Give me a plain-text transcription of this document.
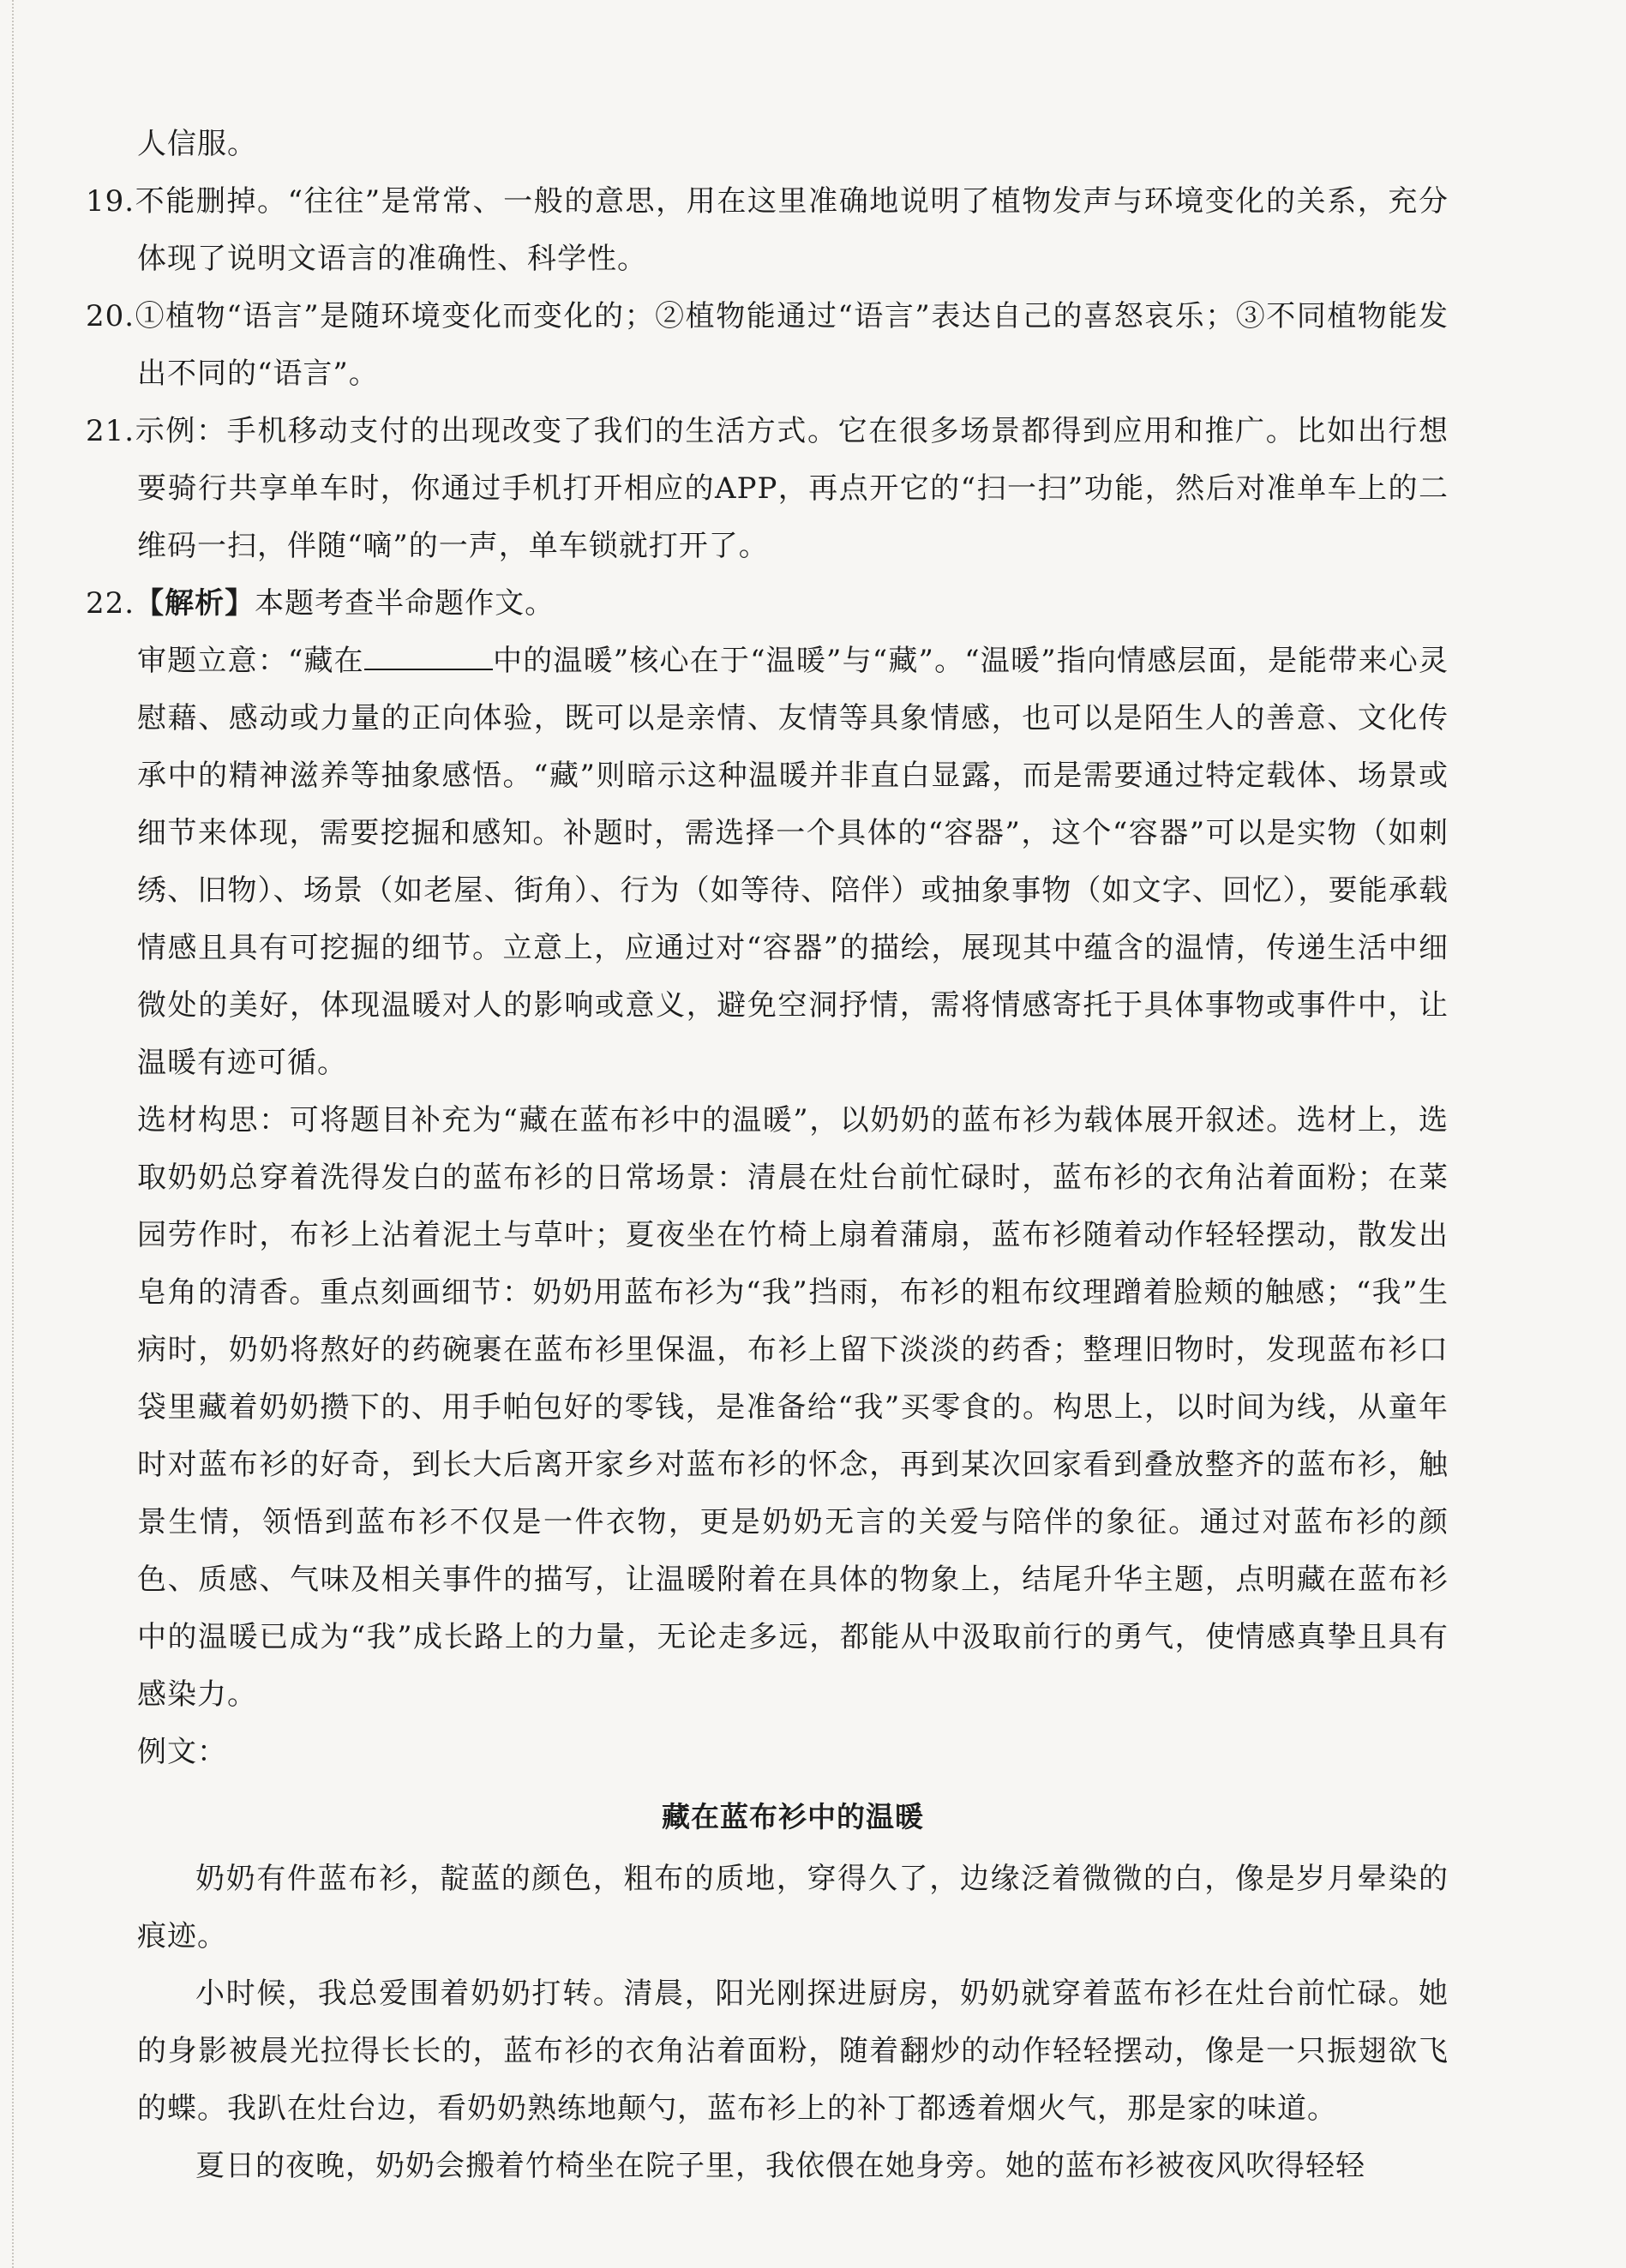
人信服。

19.不能删掉。“往往”是常常、一般的意思，用在这里准确地说明了植物发声与环境变化的关系，充分体现了说明文语言的准确性、科学性。

20.①植物“语言”是随环境变化而变化的；②植物能通过“语言”表达自己的喜怒哀乐；③不同植物能发出不同的“语言”。

21.示例：手机移动支付的出现改变了我们的生活方式。它在很多场景都得到应用和推广。比如出行想要骑行共享单车时，你通过手机打开相应的APP，再点开它的“扫一扫”功能，然后对准单车上的二维码一扫，伴随“嘀”的一声，单车锁就打开了。

22.【解析】本题考查半命题作文。

审题立意：“藏在	中的温暖”核心在于“温暖”与“藏”。“温暖”指向情感层面，是能带来心灵慰藉、感动或力量的正向体验，既可以是亲情、友情等具象情感，也可以是陌生人的善意、文化传承中的精神滋养等抽象感悟。“藏”则暗示这种温暖并非直白显露，而是需要通过特定载体、场景或细节来体现，需要挖掘和感知。补题时，需选择一个具体的“容器”，这个“容器”可以是实物（如刺绣、旧物）、场景（如老屋、街角）、行为（如等待、陪伴）或抽象事物（如文字、回忆），要能承载情感且具有可挖掘的细节。立意上，应通过对“容器”的描绘，展现其中蕴含的温情，传递生活中细微处的美好，体现温暖对人的影响或意义，避免空洞抒情，需将情感寄托于具体事物或事件中，让温暖有迹可循。

选材构思：可将题目补充为“藏在蓝布衫中的温暖”，以奶奶的蓝布衫为载体展开叙述。选材上，选取奶奶总穿着洗得发白的蓝布衫的日常场景：清晨在灶台前忙碌时，蓝布衫的衣角沾着面粉；在菜园劳作时，布衫上沾着泥土与草叶；夏夜坐在竹椅上扇着蒲扇，蓝布衫随着动作轻轻摆动，散发出皂角的清香。重点刻画细节：奶奶用蓝布衫为“我”挡雨，布衫的粗布纹理蹭着脸颊的触感；“我”生病时，奶奶将熬好的药碗裹在蓝布衫里保温，布衫上留下淡淡的药香；整理旧物时，发现蓝布衫口袋里藏着奶奶攒下的、用手帕包好的零钱，是准备给“我”买零食的。构思上，以时间为线，从童年时对蓝布衫的好奇，到长大后离开家乡对蓝布衫的怀念，再到某次回家看到叠放整齐的蓝布衫，触景生情，领悟到蓝布衫不仅是一件衣物，更是奶奶无言的关爱与陪伴的象征。通过对蓝布衫的颜色、质感、气味及相关事件的描写，让温暖附着在具体的物象上，结尾升华主题，点明藏在蓝布衫中的温暖已成为“我”成长路上的力量，无论走多远，都能从中汲取前行的勇气，使情感真挚且具有感染力。

例文：

藏在蓝布衫中的温暖

奶奶有件蓝布衫，靛蓝的颜色，粗布的质地，穿得久了，边缘泛着微微的白，像是岁月晕染的痕迹。

小时候，我总爱围着奶奶打转。清晨，阳光刚探进厨房，奶奶就穿着蓝布衫在灶台前忙碌。她的身影被晨光拉得长长的，蓝布衫的衣角沾着面粉，随着翻炒的动作轻轻摆动，像是一只振翅欲飞的蝶。我趴在灶台边，看奶奶熟练地颠勺，蓝布衫上的补丁都透着烟火气，那是家的味道。

夏日的夜晚，奶奶会搬着竹椅坐在院子里，我依偎在她身旁。她的蓝布衫被夜风吹得轻轻
